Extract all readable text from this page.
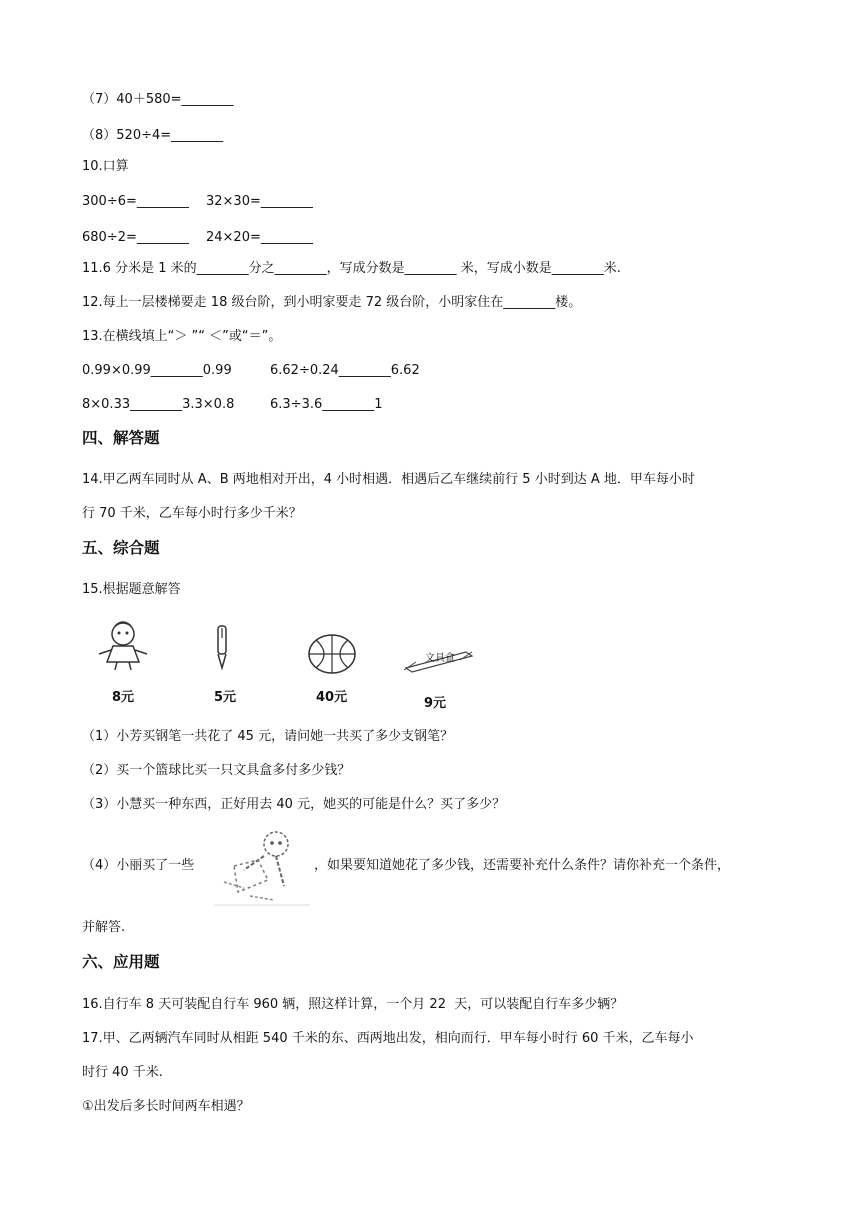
（7）40＋580=________
（8）520÷4=________
10.口算
300÷6=________ 32×30=________
680÷2=________ 24×20=________
11.6 分米是 1 米的________分之________，写成分数是________ 米，写成小数是________米.
12.每上一层楼梯要走 18 级台阶，到小明家要走 72 级台阶，小明家住在________楼。
13.在横线填上“＞ ”“ ＜”或“＝”。
0.99×0.99________0.99	6.62÷0.24________6.62
8×0.33________3.3×0.8	6.3÷3.6________1
四、解答题
14.甲乙两车同时从 A、B 两地相对开出，4 小时相遇．相遇后乙车继续前行 5 小时到达 A 地．甲车每小时
行 70 千米，乙车每小时行多少千米？
五、综合题
15.根据题意解答
8元	5元	40元
文具盒
9元
（1）小芳买钢笔一共花了 45 元，请问她一共买了多少支钢笔？
（2）买一个篮球比买一只文具盒多付多少钱？
（3）小慧买一种东西，正好用去 40 元，她买的可能是什么？买了多少？
（4）小丽买了一些	，如果要知道她花了多少钱，还需要补充什么条件？请你补充一个条件，
并解答.
六、应用题
16.自行车 8 天可装配自行车 960 辆，照这样计算，一个月 22  天，可以装配自行车多少辆？
17.甲、乙两辆汽车同时从相距 540 千米的东、西两地出发，相向而行．甲车每小时行 60 千米，乙车每小
时行 40 千米.
①出发后多长时间两车相遇？
